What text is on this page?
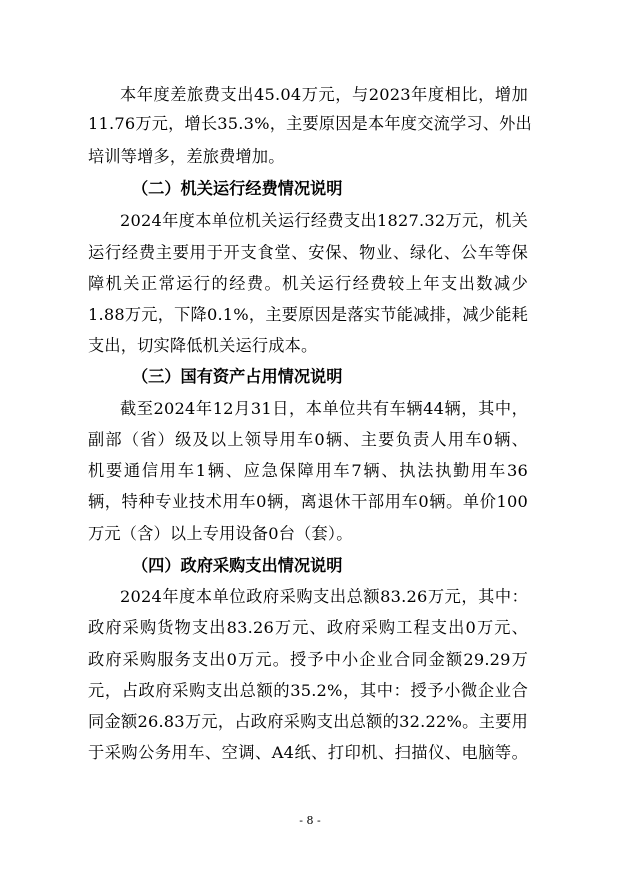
本年度差旅费支出45.04万元，与2023年度相比，增加
11.76万元，增长35.3%，主要原因是本年度交流学习、外出
培训等增多，差旅费增加。
（二）机关运行经费情况说明
2024年度本单位机关运行经费支出1827.32万元，机关
运行经费主要用于开支食堂、安保、物业、绿化、公车等保
障机关正常运行的经费。机关运行经费较上年支出数减少
1.88万元，下降0.1%，主要原因是落实节能减排，减少能耗
支出，切实降低机关运行成本。
（三）国有资产占用情况说明
截至2024年12月31日，本单位共有车辆44辆，其中，
副部（省）级及以上领导用车0辆、主要负责人用车0辆、
机要通信用车1辆、应急保障用车7辆、执法执勤用车36
辆，特种专业技术用车0辆，离退休干部用车0辆。单价100
万元（含）以上专用设备0台（套）。
（四）政府采购支出情况说明
2024年度本单位政府采购支出总额83.26万元，其中：
政府采购货物支出83.26万元、政府采购工程支出0万元、
政府采购服务支出0万元。授予中小企业合同金额29.29万
元，占政府采购支出总额的35.2%，其中：授予小微企业合
同金额26.83万元，占政府采购支出总额的32.22%。主要用
于采购公务用车、空调、A4纸、打印机、扫描仪、电脑等。
- 8 -
